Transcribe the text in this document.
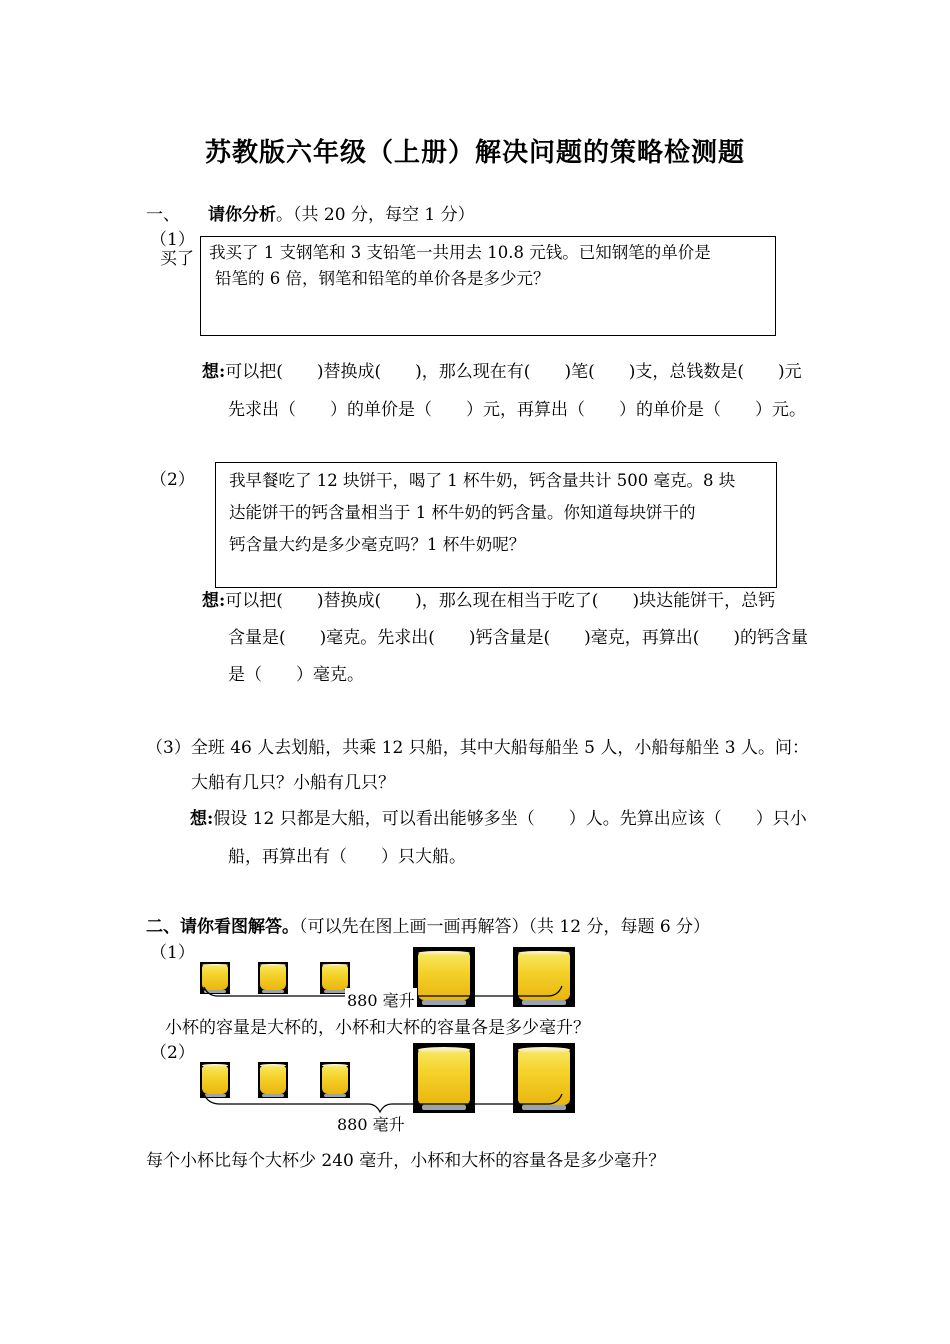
苏教版六年级（上册）解决问题的策略检测题
一、 请你分析。（共 20 分，每空 1 分）
（1）
买了 我买了 1 支钢笔和 3 支铅笔一共用去 10.8 元钱。已知钢笔的单价是
铅笔的 6 倍，钢笔和铅笔的单价各是多少元？
想:可以把(　　)替换成(　　)，那么现在有(　　)笔(　　)支，总钱数是(　　)元
先求出（　　）的单价是（　　）元，再算出（　　）的单价是（　　）元。
（2） 我早餐吃了 12 块饼干，喝了 1 杯牛奶，钙含量共计 500 毫克。8 块
达能饼干的钙含量相当于 1 杯牛奶的钙含量。你知道每块饼干的
钙含量大约是多少毫克吗？1 杯牛奶呢？
想:可以把(　　)替换成(　　)，那么现在相当于吃了(　　)块达能饼干，总钙
含量是(　　)毫克。先求出(　　)钙含量是(　　)毫克，再算出(　　)的钙含量
是（　　）毫克。
（3）全班 46 人去划船，共乘 12 只船，其中大船每船坐 5 人，小船每船坐 3 人。问：
大船有几只？小船有几只？
想:假设 12 只都是大船，可以看出能够多坐（　　）人。先算出应该（　　）只小
船，再算出有（　　）只大船。
二、请你看图解答。（可以先在图上画一画再解答）（共 12 分，每题 6 分）
（1）
880 毫升
小杯的容量是大杯的，小杯和大杯的容量各是多少毫升？
（2）
880 毫升
每个小杯比每个大杯少 240 毫升，小杯和大杯的容量各是多少毫升？
